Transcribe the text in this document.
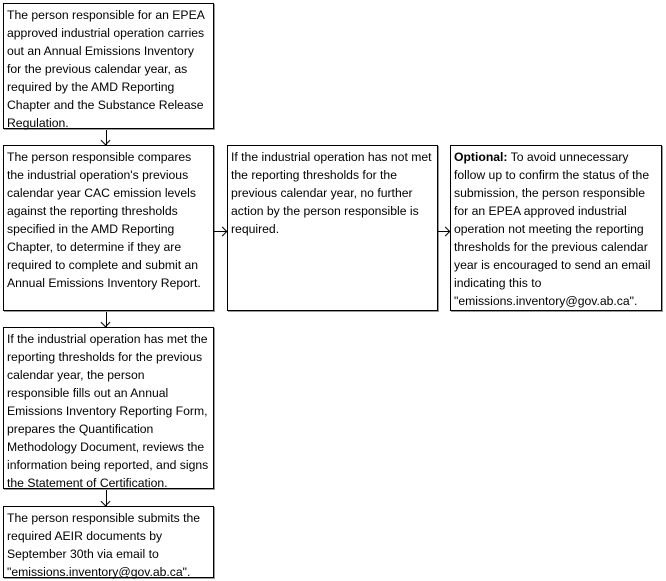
The person responsible for an EPEA approved industrial operation carries out an Annual Emissions Inventory for the previous calendar year, as required by the AMD Reporting Chapter and the Substance Release Regulation.
The person responsible compares the industrial operation's previous calendar year CAC emission levels against the reporting thresholds specified in the AMD Reporting Chapter, to determine if they are required to complete and submit an Annual Emissions Inventory Report.
If the industrial operation has not met the reporting thresholds for the previous calendar year, no further action by the person responsible is required.
Optional: To avoid unnecessary follow up to confirm the status of the submission, the person responsible for an EPEA approved industrial operation not meeting the reporting thresholds for the previous calendar year is encouraged to send an email indicating this to "emissions.inventory@gov.ab.ca".
If the industrial operation has met the reporting thresholds for the previous calendar year, the person responsible fills out an Annual Emissions Inventory Reporting Form, prepares the Quantification Methodology Document, reviews the information being reported, and signs the Statement of Certification.
The person responsible submits the required AEIR documents by September 30th via email to "emissions.inventory@gov.ab.ca".
